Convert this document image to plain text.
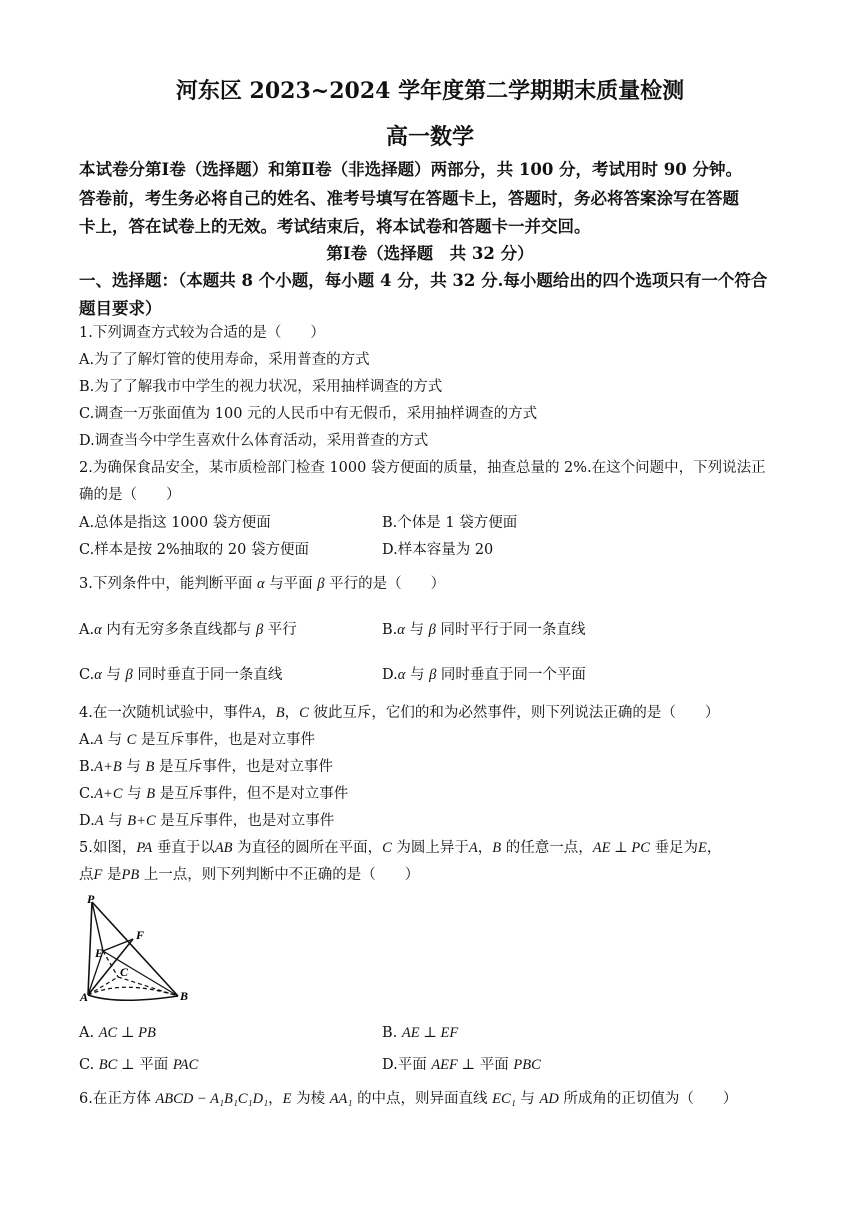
河东区 2023~2024 学年度第二学期期末质量检测
高一数学
本试卷分第Ⅰ卷（选择题）和第Ⅱ卷（非选择题）两部分，共 100 分，考试用时 90 分钟。
答卷前，考生务必将自己的姓名、准考号填写在答题卡上，答题时，务必将答案涂写在答题
卡上，答在试卷上的无效。考试结束后，将本试卷和答题卡一并交回。
第Ⅰ卷（选择题　共 32 分）
一、选择题：（本题共 8 个小题，每小题 4 分，共 32 分.每小题给出的四个选项只有一个符合
题目要求）
1.下列调查方式较为合适的是（　　）
A.为了了解灯管的使用寿命，采用普查的方式
B.为了了解我市中学生的视力状况，采用抽样调查的方式
C.调查一万张面值为 100 元的人民币中有无假币，采用抽样调查的方式
D.调查当今中学生喜欢什么体育活动，采用普查的方式
2.为确保食品安全，某市质检部门检查 1000 袋方便面的质量，抽查总量的 2%.在这个问题中，下列说法正
确的是（　　）
A.总体是指这 1000 袋方便面	B.个体是 1 袋方便面
C.样本是按 2%抽取的 20 袋方便面	D.样本容量为 20
3.下列条件中，能判断平面 α 与平面 β 平行的是（　　）
A.α 内有无穷多条直线都与 β 平行	B.α 与 β 同时平行于同一条直线
C.α 与 β 同时垂直于同一条直线	D.α 与 β 同时垂直于同一个平面
4.在一次随机试验中，事件A，B，C 彼此互斥，它们的和为必然事件，则下列说法正确的是（　　）
A.A 与 C 是互斥事件，也是对立事件
B.A+B 与 B 是互斥事件，也是对立事件
C.A+C 与 B 是互斥事件，但不是对立事件
D.A 与 B+C 是互斥事件，也是对立事件
5.如图，PA 垂直于以AB 为直径的圆所在平面，C 为圆上异于A，B 的任意一点，AE ⊥ PC 垂足为E，
点F 是PB 上一点，则下列判断中不正确的是（　　）
P
F
E
C
A	B
A. AC ⊥ PB	B. AE ⊥ EF
C. BC ⊥ 平面 PAC	D.平面 AEF ⊥ 平面 PBC
6.在正方体 ABCD − A₁B₁C₁D₁，E 为棱 AA₁ 的中点，则异面直线 EC₁ 与 AD 所成角的正切值为（　　）
